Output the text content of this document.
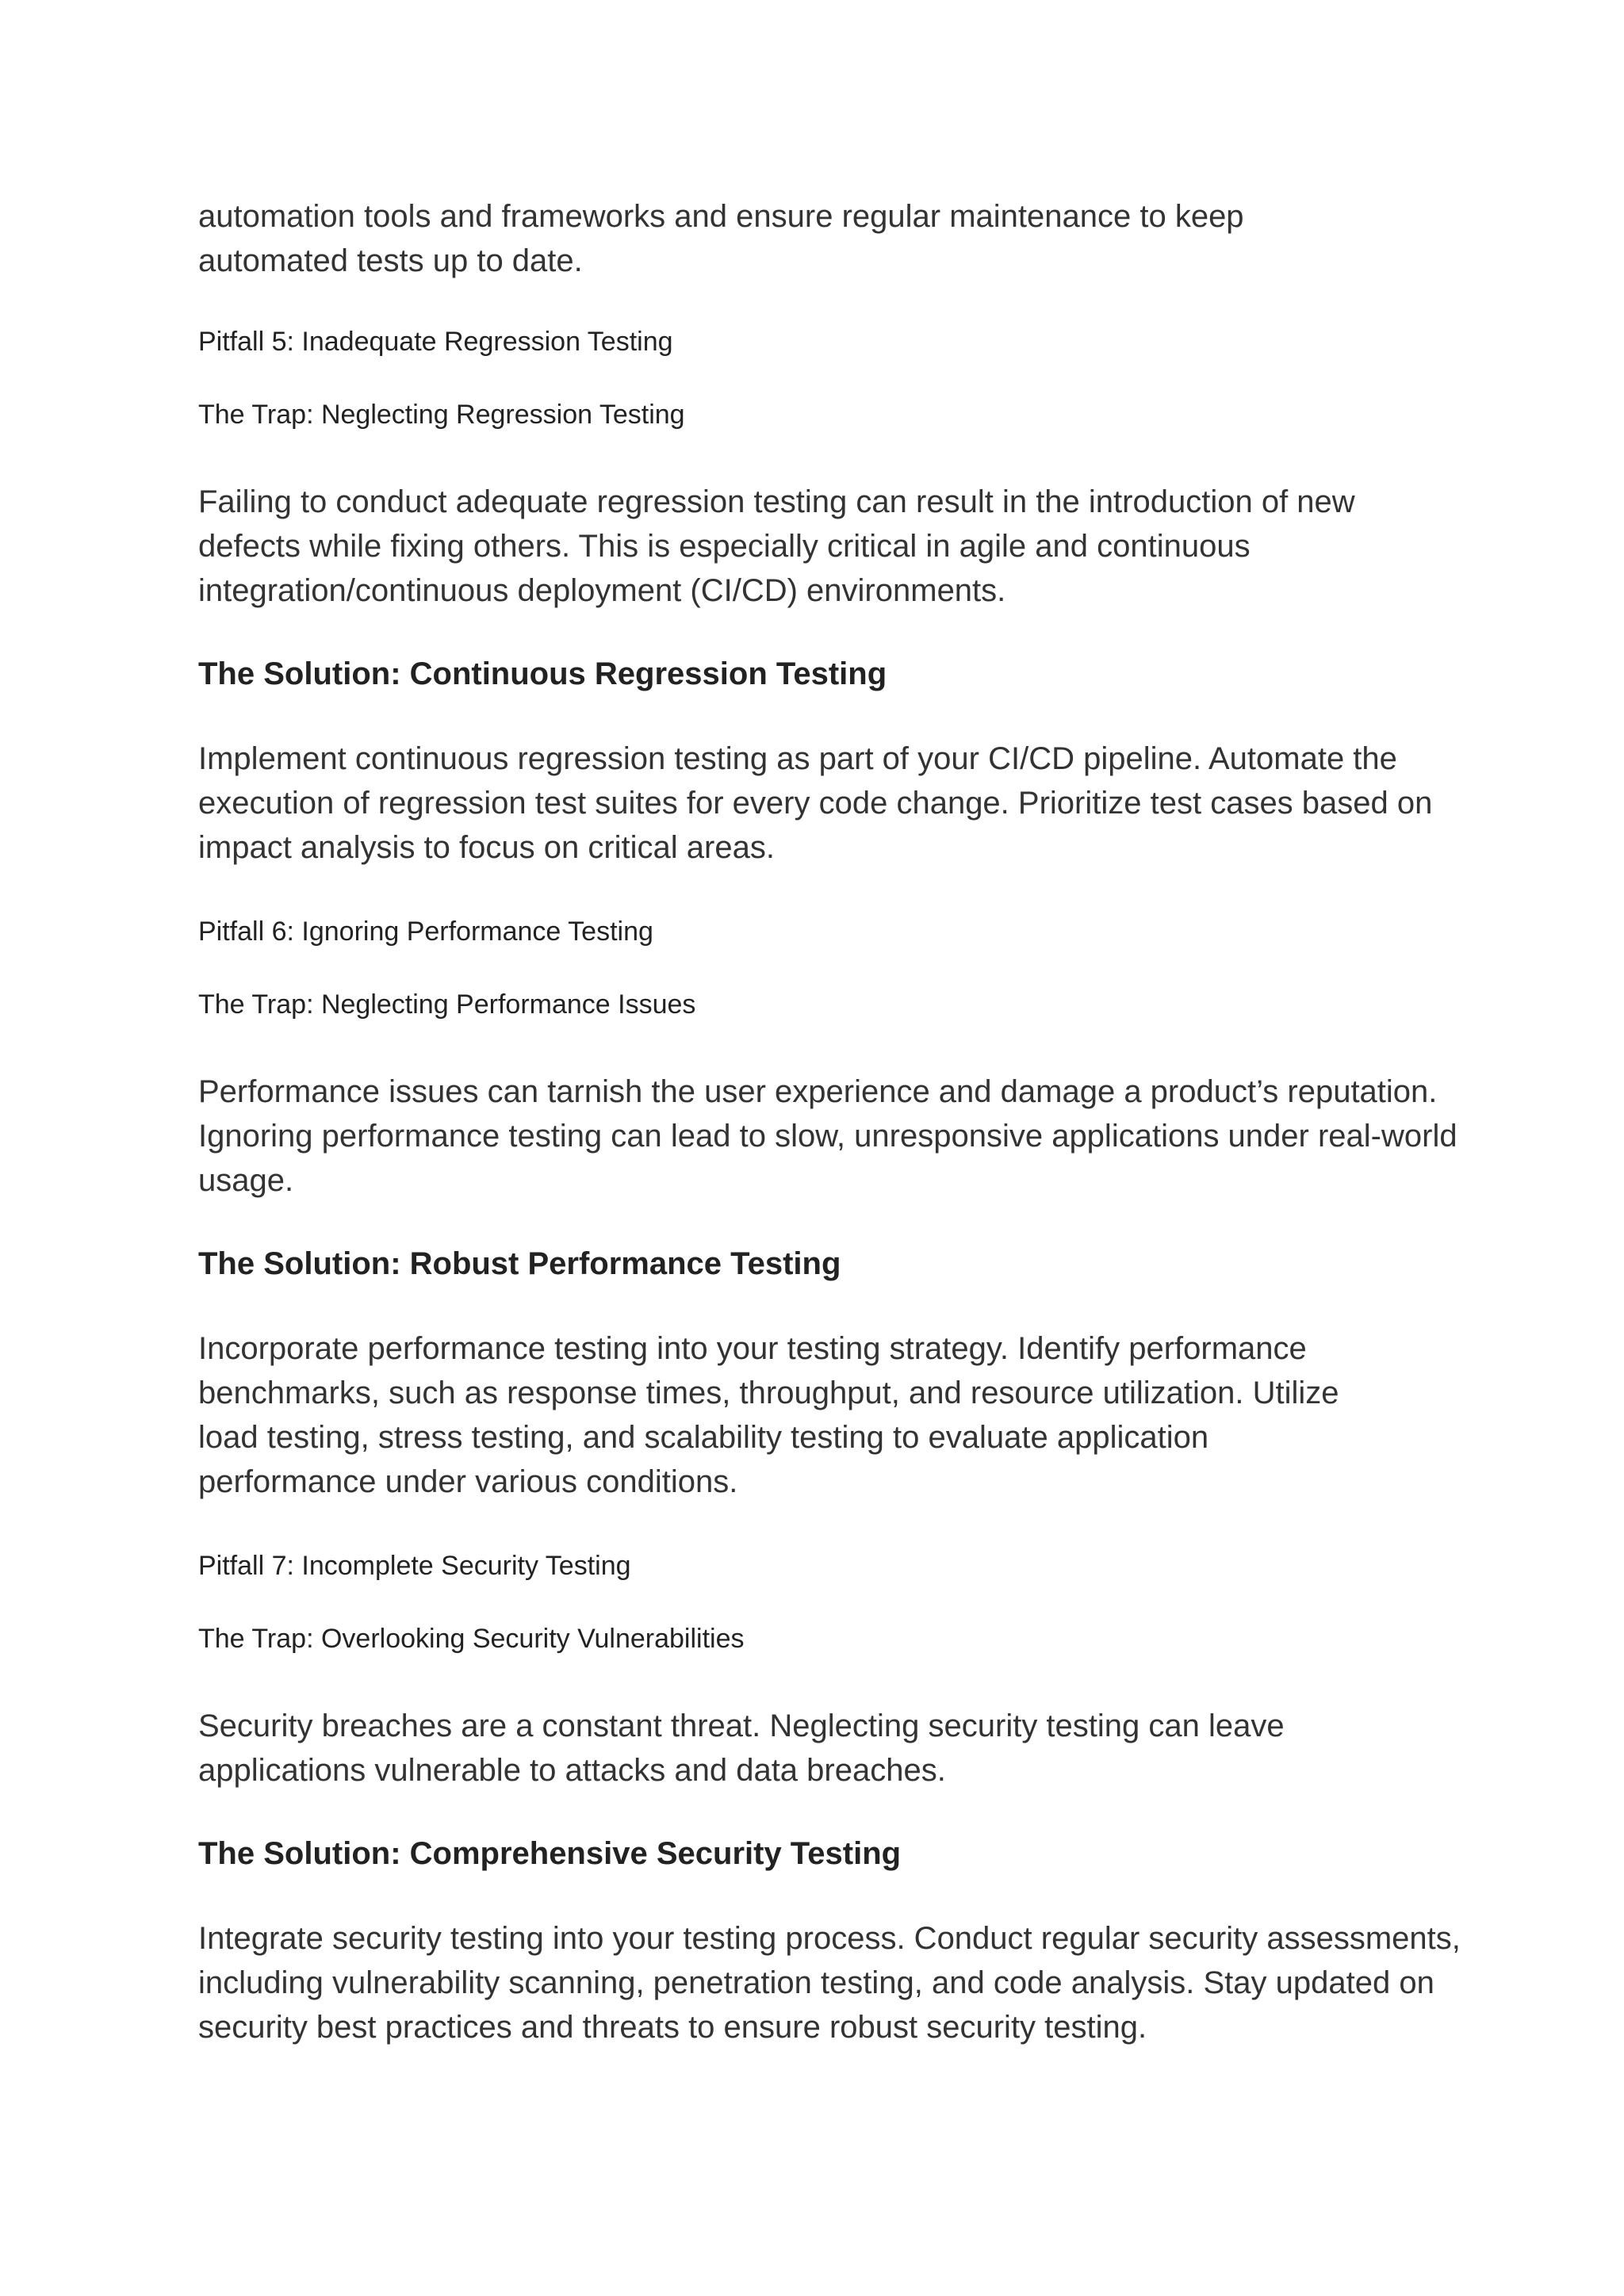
automation tools and frameworks and ensure regular maintenance to keep automated tests up to date.

Pitfall 5: Inadequate Regression Testing

The Trap: Neglecting Regression Testing

Failing to conduct adequate regression testing can result in the introduction of new defects while fixing others. This is especially critical in agile and continuous integration/continuous deployment (CI/CD) environments.

The Solution: Continuous Regression Testing

Implement continuous regression testing as part of your CI/CD pipeline. Automate the execution of regression test suites for every code change. Prioritize test cases based on impact analysis to focus on critical areas.

Pitfall 6: Ignoring Performance Testing

The Trap: Neglecting Performance Issues

Performance issues can tarnish the user experience and damage a product’s reputation. Ignoring performance testing can lead to slow, unresponsive applications under real-world usage.

The Solution: Robust Performance Testing

Incorporate performance testing into your testing strategy. Identify performance benchmarks, such as response times, throughput, and resource utilization. Utilize load testing, stress testing, and scalability testing to evaluate application performance under various conditions.

Pitfall 7: Incomplete Security Testing

The Trap: Overlooking Security Vulnerabilities

Security breaches are a constant threat. Neglecting security testing can leave applications vulnerable to attacks and data breaches.

The Solution: Comprehensive Security Testing

Integrate security testing into your testing process. Conduct regular security assessments, including vulnerability scanning, penetration testing, and code analysis. Stay updated on security best practices and threats to ensure robust security testing.
